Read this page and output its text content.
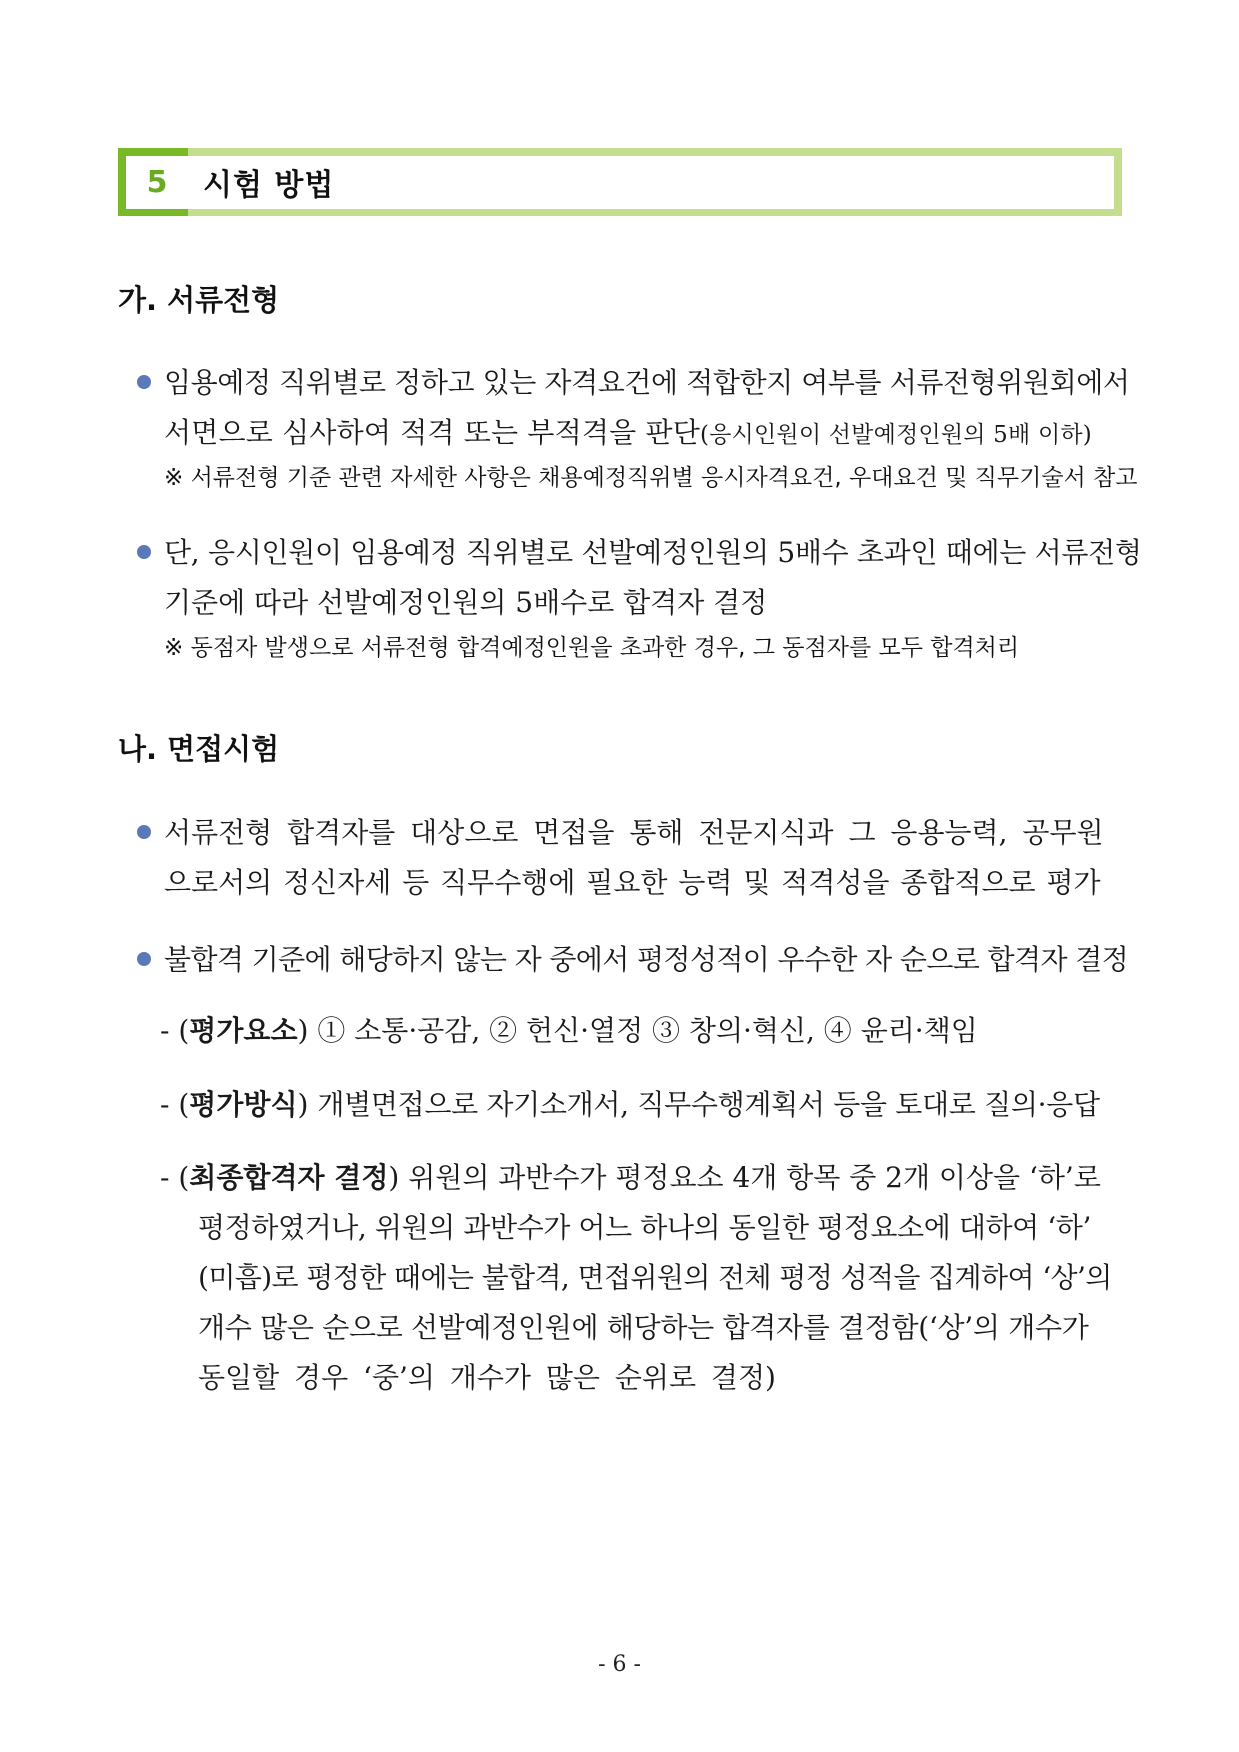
5 시험 방법
가. 서류전형
임용예정 직위별로 정하고 있는 자격요건에 적합한지 여부를 서류전형위원회에서
서면으로 심사하여 적격 또는 부적격을 판단(응시인원이 선발예정인원의 5배 이하)
※ 서류전형 기준 관련 자세한 사항은 채용예정직위별 응시자격요건, 우대요건 및 직무기술서 참고
단, 응시인원이 임용예정 직위별로 선발예정인원의 5배수 초과인 때에는 서류전형
기준에 따라 선발예정인원의 5배수로 합격자 결정
※ 동점자 발생으로 서류전형 합격예정인원을 초과한 경우, 그 동점자를 모두 합격처리
나. 면접시험
서류전형 합격자를 대상으로 면접을 통해 전문지식과 그 응용능력, 공무원
으로서의 정신자세 등 직무수행에 필요한 능력 및 적격성을 종합적으로 평가
불합격 기준에 해당하지 않는 자 중에서 평정성적이 우수한 자 순으로 합격자 결정
- (평가요소) ① 소통·공감, ② 헌신·열정 ③ 창의·혁신, ④ 윤리·책임
- (평가방식) 개별면접으로 자기소개서, 직무수행계획서 등을 토대로 질의·응답
- (최종합격자 결정) 위원의 과반수가 평정요소 4개 항목 중 2개 이상을 ‘하’로
평정하였거나, 위원의 과반수가 어느 하나의 동일한 평정요소에 대하여 ‘하’
(미흡)로 평정한 때에는 불합격, 면접위원의 전체 평정 성적을 집계하여 ‘상’의
개수 많은 순으로 선발예정인원에 해당하는 합격자를 결정함(‘상’의 개수가
동일할 경우 ‘중’의 개수가 많은 순위로 결정)
- 6 -
